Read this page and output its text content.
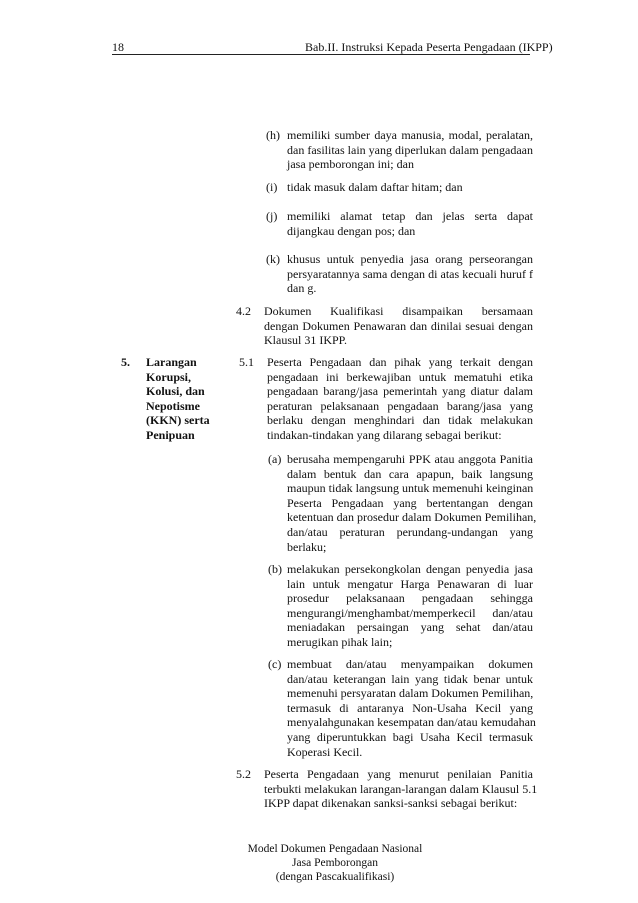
18	Bab.II. Instruksi Kepada Peserta Pengadaan (IKPP)
(h) memiliki sumber daya manusia, modal, peralatan,
dan fasilitas lain yang diperlukan dalam pengadaan
jasa pemborongan ini; dan
(i) tidak masuk dalam daftar hitam; dan
(j) memiliki alamat tetap dan jelas serta dapat
dijangkau dengan pos; dan
(k) khusus untuk penyedia jasa orang perseorangan
persyaratannya sama dengan di atas kecuali huruf f
dan g.
4.2 Dokumen Kualifikasi disampaikan bersamaan
dengan Dokumen Penawaran dan dinilai sesuai dengan
Klausul 31 IKPP.
5. Larangan
Korupsi,
Kolusi, dan
Nepotisme
(KKN) serta
Penipuan
5.1 Peserta Pengadaan dan pihak yang terkait dengan
pengadaan ini berkewajiban untuk mematuhi etika
pengadaan barang/jasa pemerintah yang diatur dalam
peraturan pelaksanaan pengadaan barang/jasa yang
berlaku dengan menghindari dan tidak melakukan
tindakan-tindakan yang dilarang sebagai berikut:
(a) berusaha mempengaruhi PPK atau anggota Panitia
dalam bentuk dan cara apapun, baik langsung
maupun tidak langsung untuk memenuhi keinginan
Peserta Pengadaan yang bertentangan dengan
ketentuan dan prosedur dalam Dokumen Pemilihan,
dan/atau peraturan perundang-undangan yang
berlaku;
(b) melakukan persekongkolan dengan penyedia jasa
lain untuk mengatur Harga Penawaran di luar
prosedur pelaksanaan pengadaan sehingga
mengurangi/menghambat/memperkecil dan/atau
meniadakan persaingan yang sehat dan/atau
merugikan pihak lain;
(c) membuat dan/atau menyampaikan dokumen
dan/atau keterangan lain yang tidak benar untuk
memenuhi persyaratan dalam Dokumen Pemilihan,
termasuk di antaranya Non-Usaha Kecil yang
menyalahgunakan kesempatan dan/atau kemudahan
yang diperuntukkan bagi Usaha Kecil termasuk
Koperasi Kecil.
5.2 Peserta Pengadaan yang menurut penilaian Panitia
terbukti melakukan larangan-larangan dalam Klausul 5.1
IKPP dapat dikenakan sanksi-sanksi sebagai berikut:
Model Dokumen Pengadaan Nasional
Jasa Pemborongan
(dengan Pascakualifikasi)
